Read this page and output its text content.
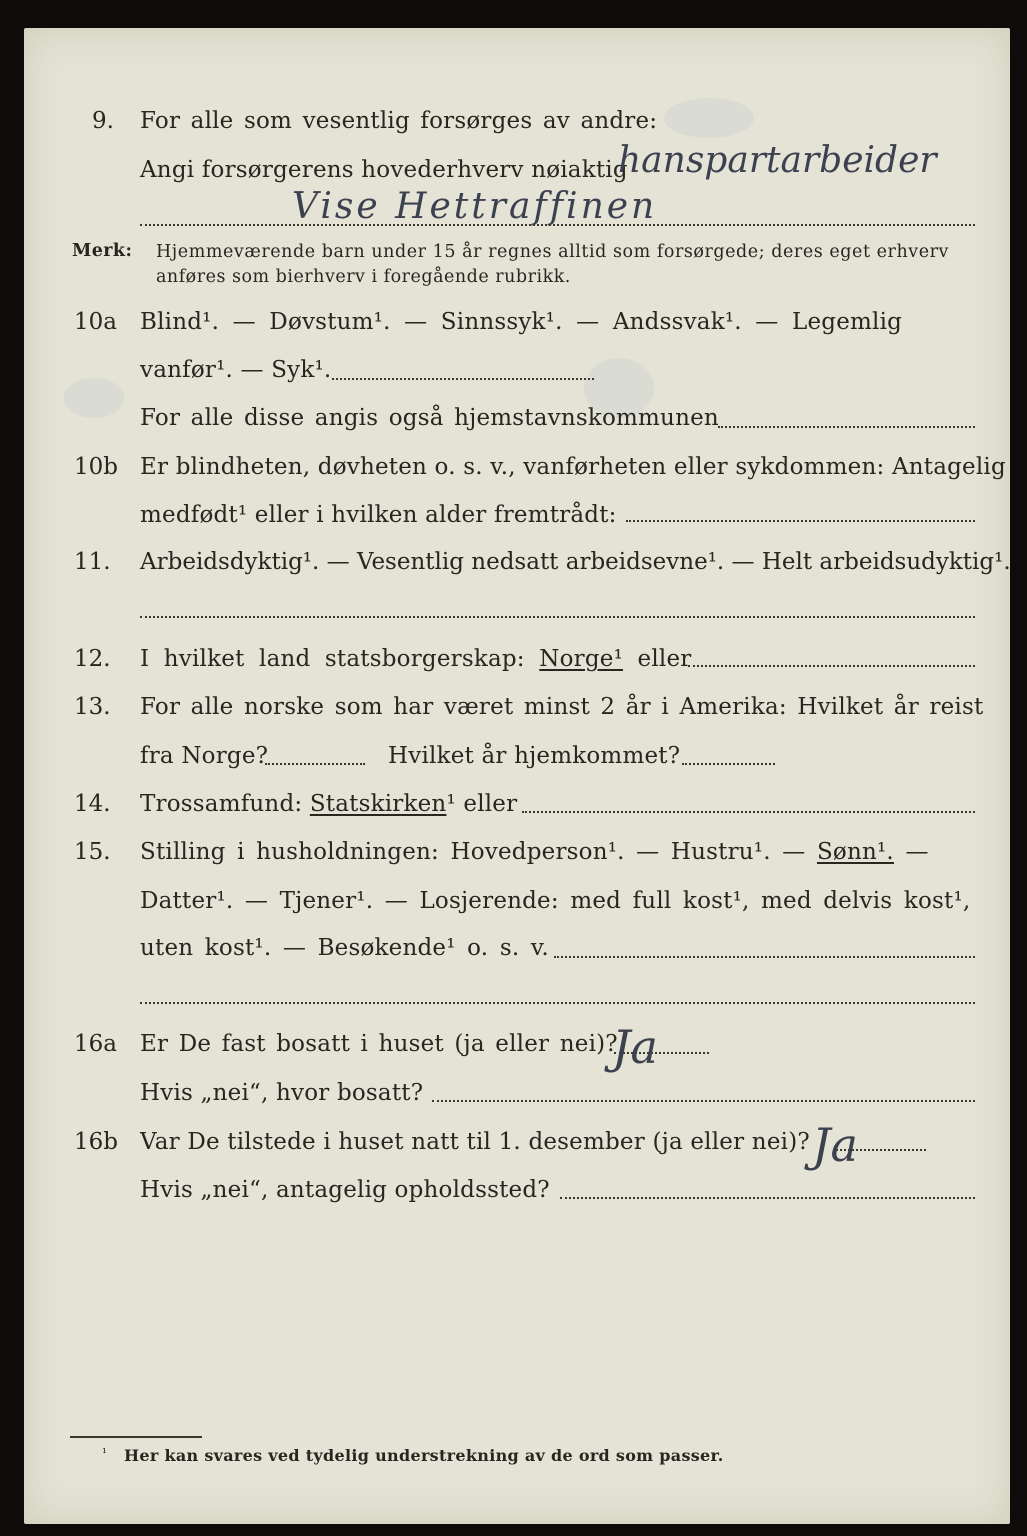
9. For alle som vesentlig forsørges av andre:
Angi forsørgerens hovederhverv nøiaktig
hanspartarbeider
Vise Hettraffinen
Merk: Hjemmeværende barn under 15 år regnes alltid som forsørgede; deres eget erhverv
anføres som bierhverv i foregående rubrikk.
10a Blind¹. — Døvstum¹. — Sinnssyk¹. — Andssvak¹. — Legemlig
vanfør¹. — Syk¹.
For alle disse angis også hjemstavnskommunen
10b Er blindheten, døvheten o. s. v., vanførheten eller sykdommen: Antagelig
medfødt¹ eller i hvilken alder fremtrådt:
11. Arbeidsdyktig¹. — Vesentlig nedsatt arbeidsevne¹. — Helt arbeidsudyktig¹.
12. I hvilket land statsborgerskap: Norge¹ eller
13. For alle norske som har været minst 2 år i Amerika: Hvilket år reist
fra Norge?	Hvilket år hjemkommet?
14. Trossamfund: Statskirken¹ eller
15. Stilling i husholdningen: Hovedperson¹. — Hustru¹. — Sønn¹. —
Datter¹. — Tjener¹. — Losjerende: med full kost¹, med delvis kost¹,
uten kost¹. — Besøkende¹ o. s. v.
16a Er De fast bosatt i huset (ja eller nei)?
Ja
Hvis „nei“, hvor bosatt?
16b Var De tilstede i huset natt til 1. desember (ja eller nei)? Ja
Hvis „nei“, antagelig opholdssted?
¹ Her kan svares ved tydelig understrekning av de ord som passer.
